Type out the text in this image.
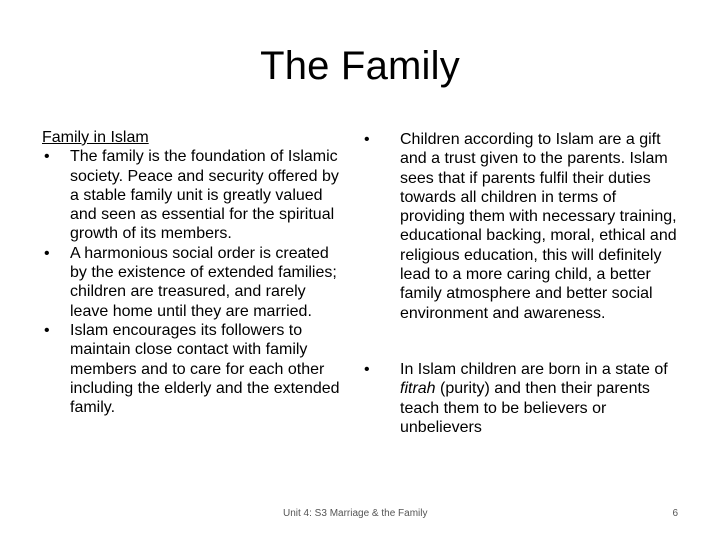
The Family
Family in Islam
• The family is the foundation of Islamic society. Peace and security offered by a stable family unit is greatly valued and seen as essential for the spiritual growth of its members.
• A harmonious social order is created by the existence of extended families; children are treasured, and rarely leave home until they are married.
• Islam encourages its followers to maintain close contact with family members and to care for each other including the elderly and the extended family.
• Children according to Islam are a gift and a trust given to the parents. Islam sees that if parents fulfil their duties towards all children in terms of providing them with necessary training, educational backing, moral, ethical and religious education, this will definitely lead to a more caring child, a better family atmosphere and better social environment and awareness.
• In Islam children are born in a state of fitrah (purity) and then their parents teach them to be believers or unbelievers
Unit 4: S3 Marriage & the Family	6
